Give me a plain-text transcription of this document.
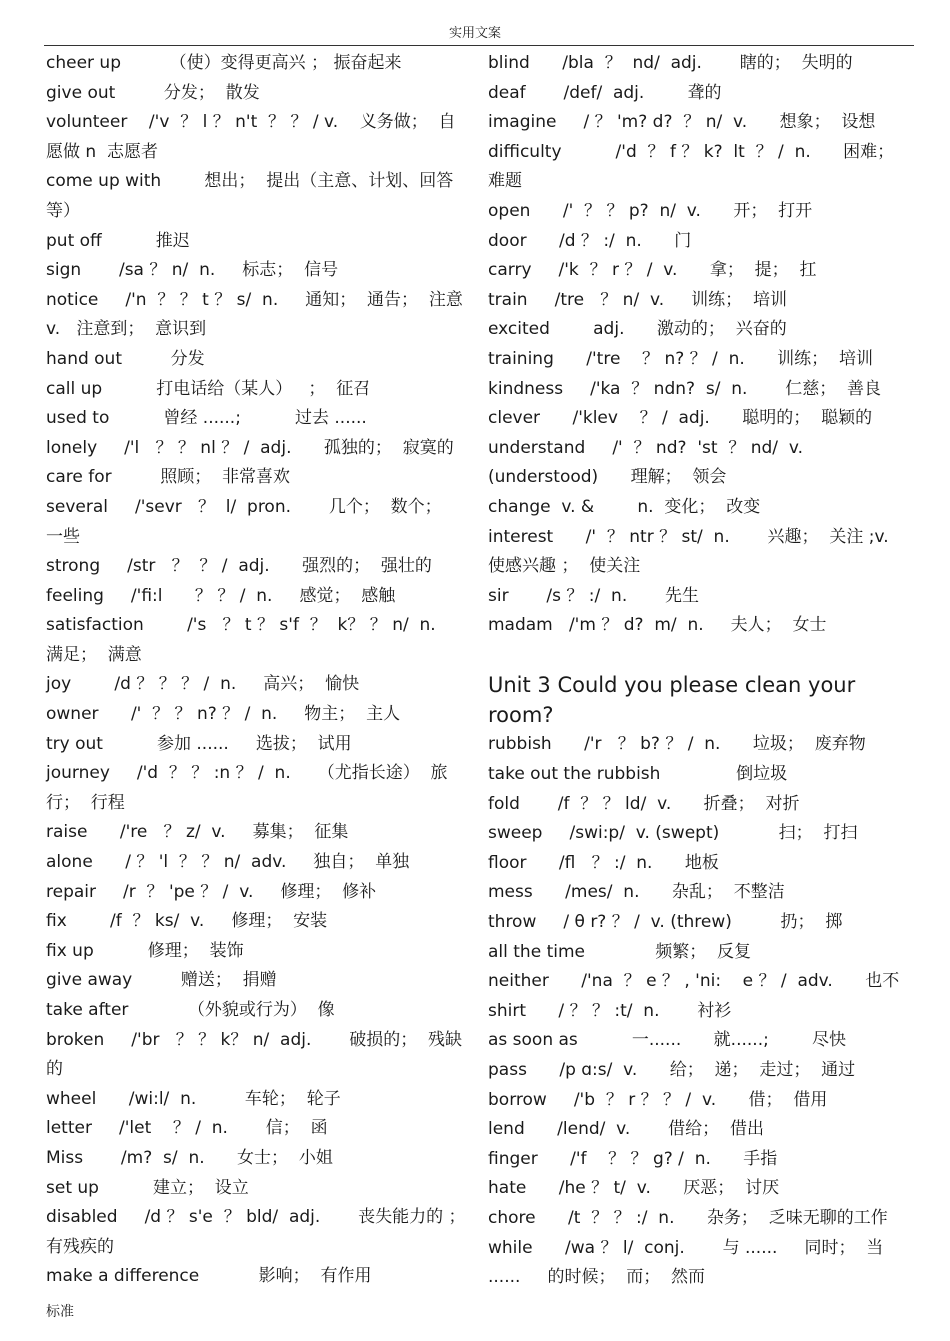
实用文案

cheer up         （使）变得更高兴 ； 振奋起来

give out         分发；  散发

volunteer    /'v  ？ l ？ n't  ？ ？ / v.    义务做；  自愿做 n  志愿者

come up with        想出；  提出（主意、计划、回答等）

put off          推迟

sign       /sa ？ n/  n.     标志；  信号

notice     /'n  ？ ？ t ？ s/  n.     通知；  通告；  注意 v.   注意到；  意识到

hand out         分发

call up          打电话给（某人）   ；  征召

used to          曾经 ......;          过去 ......

lonely     /'l   ？ ？ nl ？ /  adj.      孤独的；  寂寞的

care for         照顾；  非常喜欢

several     /'sevr   ？  l/  pron.       几个；  数个；  一些

strong     /str   ？  ？ /  adj.      强烈的；  强壮的

feeling     /'fi:l      ？ ？ /  n.     感觉；  感触

satisfaction        /'s   ？ t ？ s'f  ？  k？ ？ n/  n.     满足；  满意

joy        /d ？ ？ ？ /  n.     高兴；  愉快

owner      /'  ？ ？ n? ？ /  n.     物主；  主人

try out          参加 ......     选拔；  试用

journey     /'d  ？ ？ :n ？ /  n.     （尤指长途）  旅行；  行程

raise      /'re   ？ z/  v.     募集；  征集

alone      / ？ 'l  ？ ？ n/  adv.     独自；  单独

repair     /r  ？ 'pe ？ /  v.     修理；  修补

fix        /f  ？ ks/  v.     修理；  安装

fix up          修理；  装饰

give away         赠送；  捐赠

take after           （外貌或行为）  像

broken     /'br   ？ ？ k？ n/  adj.       破损的；  残缺的

wheel      /wi:l/  n.         车轮；  轮子

letter     /'let    ？ /  n.       信；  函

Miss       /m?  s/  n.      女士；  小姐

set up          建立；  设立

disabled     /d ？ s'e  ？ bld/  adj.       丧失能力的 ；  有残疾的

make a difference           影响；  有作用

blind      /bla  ？  nd/  adj.       瞎的；  失明的

deaf       /def/  adj.        聋的

imagine     / ？ 'm? d?  ？ n/  v.      想象；  设想

difficulty          /'d  ？ f ？ k?  lt  ？ /  n.      困难；  难题

open      /'  ？ ？ p?  n/  v.      开；  打开

door      /d ？ :/  n.      门

carry     /'k  ？ r ？ /  v.      拿；  提；  扛

train     /tre   ？ n/  v.     训练；  培训

excited        adj.      激动的；  兴奋的

training      /'tre    ？ n? ？ /  n.      训练；  培训

kindness     /'ka  ？ ndn?  s/  n.       仁慈；  善良

clever      /'klev    ？ /  adj.      聪明的；  聪颖的

understand     /'  ？ nd?  'st  ？ nd/  v.

(understood)      理解；  领会

change  v. &        n.  变化；  改变

interest      /'  ？ ntr ？ st/  n.       兴趣；  关注 ;v.   使感兴趣 ；  使关注

sir       /s ？ :/  n.       先生

madam   /'m ？ d?  m/  n.     夫人；  女士

Unit 3 Could you please clean your room?

rubbish      /'r   ？ b? ？ /  n.      垃圾；  废弃物

take out the rubbish              倒垃圾

fold       /f  ？ ？ ld/  v.      折叠；  对折

sweep     /swi:p/  v. (swept)           扫；  打扫

floor      /fl   ？ :/  n.      地板

mess      /mes/  n.      杂乱；  不整洁

throw     / θ r? ？ /  v. (threw)         扔；  掷

all the time             频繁；  反复

neither      /'na  ？ e ？ , 'ni:    e ？ /  adv.      也不

shirt      / ？ ？ :t/  n.       衬衫

as soon as          一......      就......;        尽快

pass      /p ɑ:s/  v.      给；  递；  走过；  通过

borrow     /'b  ？ r ？ ？ /  v.      借；  借用

lend      /lend/  v.       借给；  借出

finger      /'f    ？ ？ g? /  n.      手指

hate      /he ？ t/  v.      厌恶；  讨厌

chore      /t  ？ ？ :/  n.      杂务；  乏味无聊的工作

while      /wa ？ l/  conj.       与 ......     同时；  当 ......     的时候；  而；  然而

标准
